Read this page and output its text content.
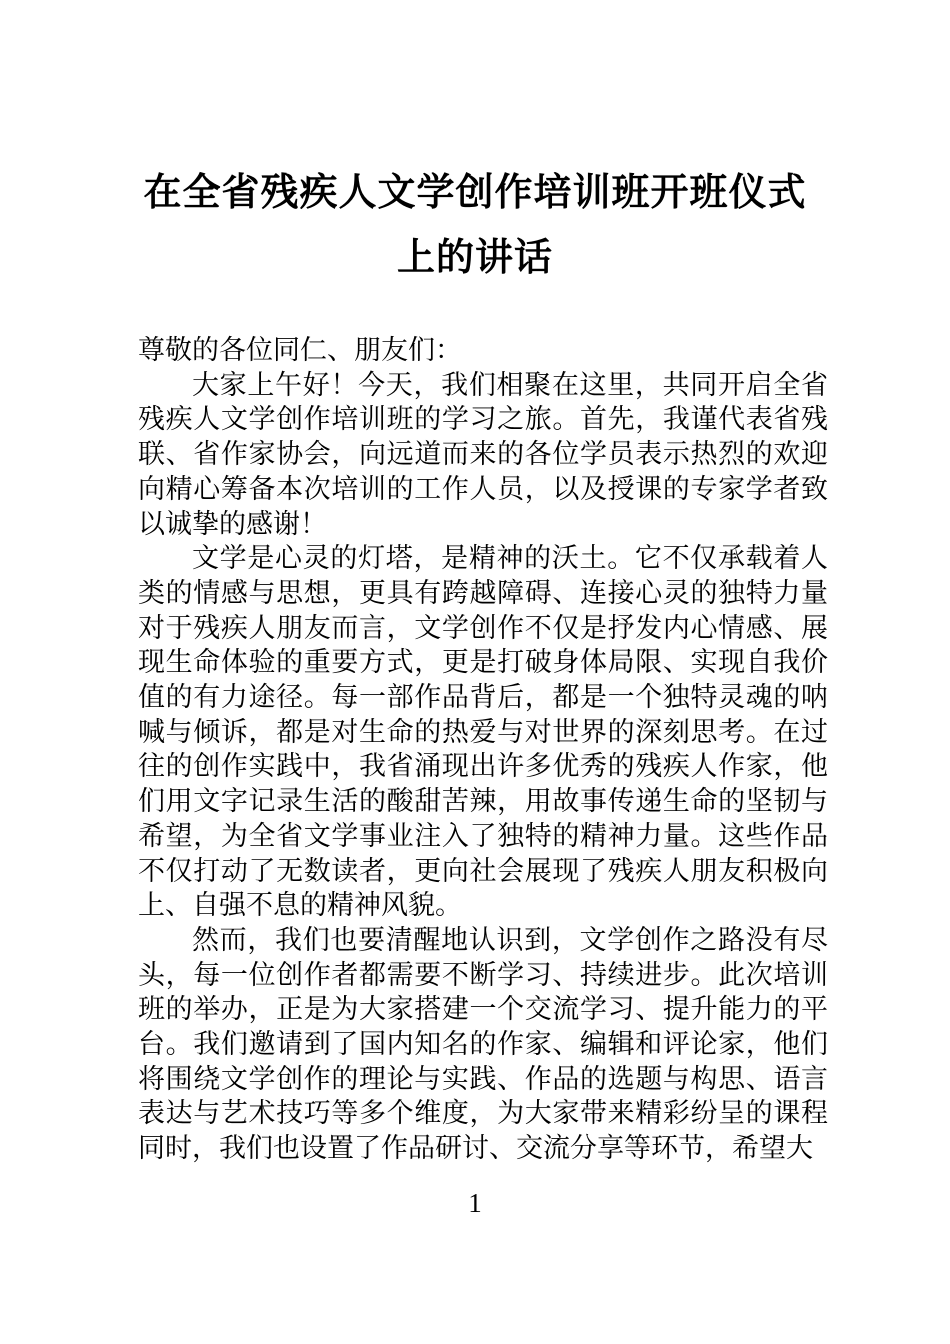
在全省残疾人文学创作培训班开班仪式上的讲话

尊敬的各位同仁、朋友们：

大家上午好！今天，我们相聚在这里，共同开启全省残疾人文学创作培训班的学习之旅。首先，我谨代表省残联、省作家协会，向远道而来的各位学员表示热烈的欢迎向精心筹备本次培训的工作人员，以及授课的专家学者致以诚挚的感谢！

文学是心灵的灯塔，是精神的沃土。它不仅承载着人类的情感与思想，更具有跨越障碍、连接心灵的独特力量对于残疾人朋友而言，文学创作不仅是抒发内心情感、展现生命体验的重要方式，更是打破身体局限、实现自我价值的有力途径。每一部作品背后，都是一个独特灵魂的呐喊与倾诉，都是对生命的热爱与对世界的深刻思考。在过往的创作实践中，我省涌现出许多优秀的残疾人作家，他们用文字记录生活的酸甜苦辣，用故事传递生命的坚韧与希望，为全省文学事业注入了独特的精神力量。这些作品不仅打动了无数读者，更向社会展现了残疾人朋友积极向上、自强不息的精神风貌。

然而，我们也要清醒地认识到，文学创作之路没有尽头，每一位创作者都需要不断学习、持续进步。此次培训班的举办，正是为大家搭建一个交流学习、提升能力的平台。我们邀请到了国内知名的作家、编辑和评论家，他们将围绕文学创作的理论与实践、作品的选题与构思、语言表达与艺术技巧等多个维度，为大家带来精彩纷呈的课程同时，我们也设置了作品研讨、交流分享等环节，希望大

1
